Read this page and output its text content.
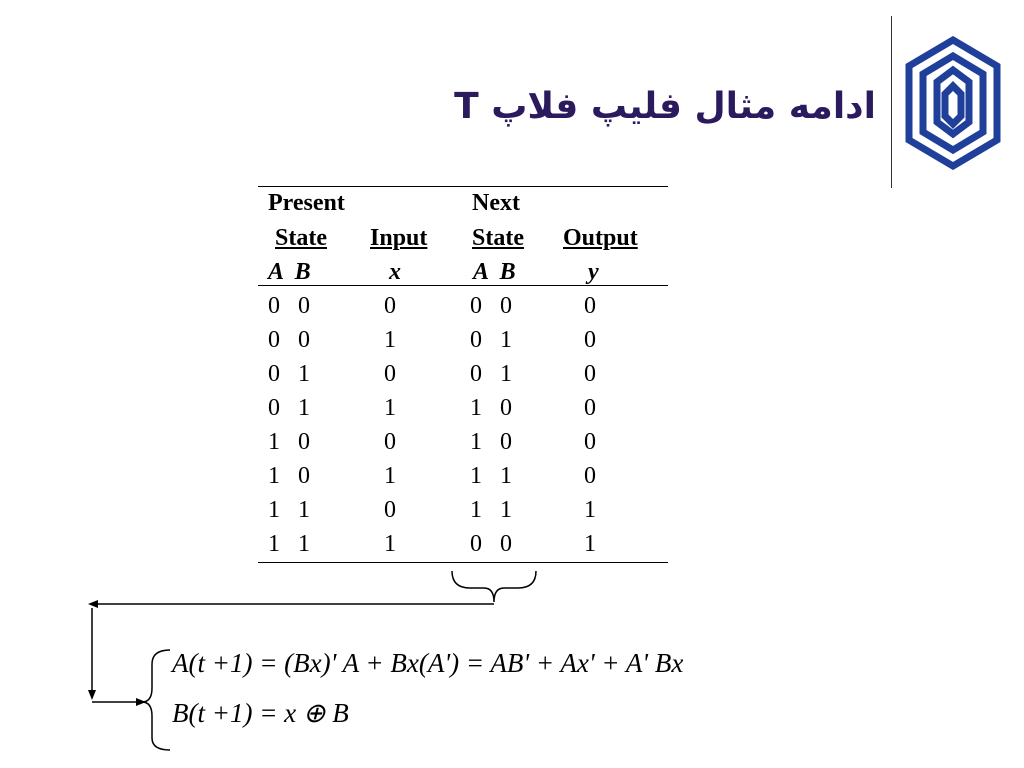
ادامه مثال فلیپ فلاپ T
Present	Next
State Input State Output
A  B	x	A  B	y
0   0	0	0   0	0
0   0	1	0   1	0
0   1	0	0   1	0
0   1	1	1   0	0
1   0	0	1   0	0
1   0	1	1   1	0
1   1	0	1   1	1
1   1	1	0   0	1
A(t +1) = (Bx)' A + Bx(A') = AB' + Ax' + A' Bx
B(t +1) = x ⊕ B
